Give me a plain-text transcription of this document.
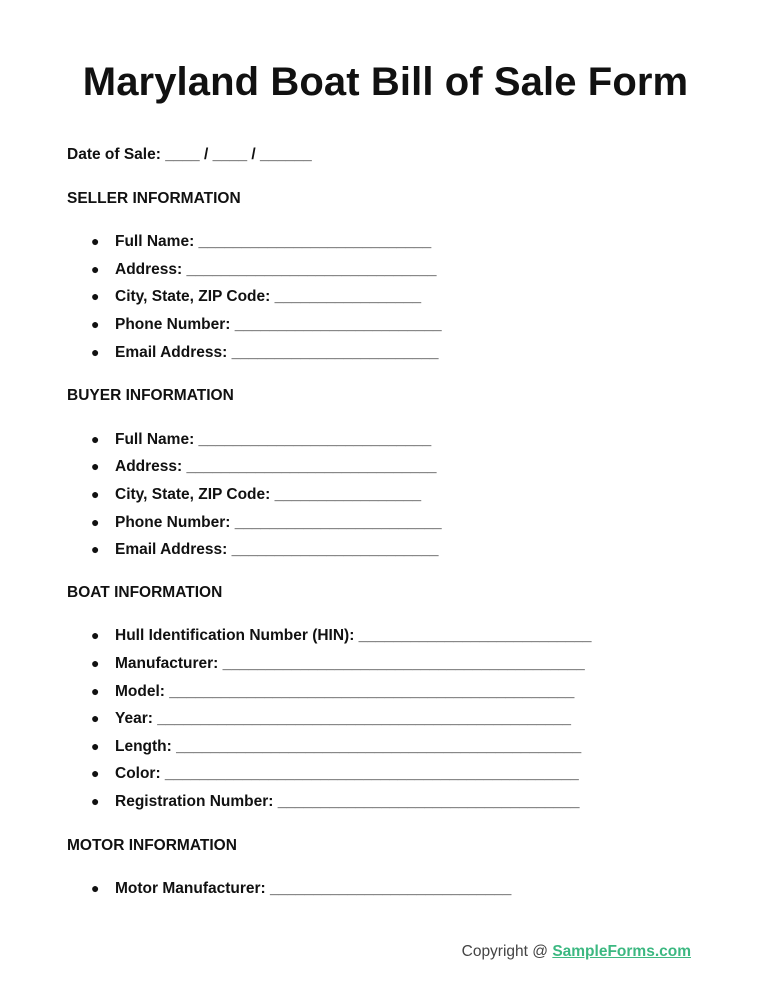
Maryland Boat Bill of Sale Form
Date of Sale: ____ / ____ / ______
SELLER INFORMATION
● Full Name: ___________________________
● Address: _____________________________
● City, State, ZIP Code: _________________
● Phone Number: ________________________
● Email Address: ________________________
BUYER INFORMATION
● Full Name: ___________________________
● Address: _____________________________
● City, State, ZIP Code: _________________
● Phone Number: ________________________
● Email Address: ________________________
BOAT INFORMATION
● Hull Identification Number (HIN): ___________________________
● Manufacturer: __________________________________________
● Model: _______________________________________________
● Year: ________________________________________________
● Length: _______________________________________________
● Color: ________________________________________________
● Registration Number: ___________________________________
MOTOR INFORMATION
● Motor Manufacturer: ____________________________
Copyright @ SampleForms.com
